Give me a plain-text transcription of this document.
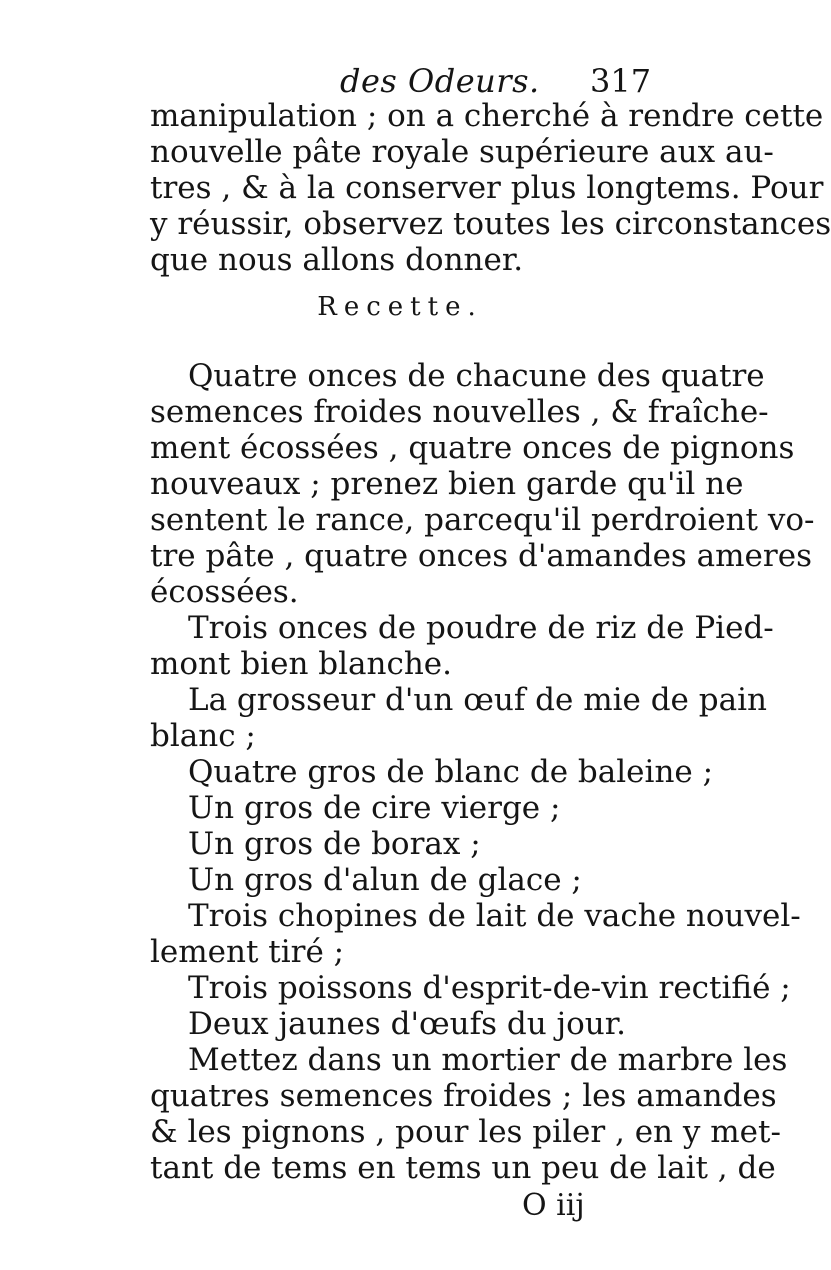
des Odeurs. 317
manipulation ; on a cherché à rendre cette
nouvelle pâte royale supérieure aux au-
tres , & à la conserver plus longtems. Pour
y réussir, observez toutes les circonstances
que nous allons donner.
Recette.
Quatre onces de chacune des quatre
semences froides nouvelles , & fraîche-
ment écossées , quatre onces de pignons
nouveaux ; prenez bien garde qu'il ne
sentent le rance, parcequ'il perdroient vo-
tre pâte , quatre onces d'amandes ameres
écossées.
Trois onces de poudre de riz de Pied-
mont bien blanche.
La grosseur d'un œuf de mie de pain
blanc ;
Quatre gros de blanc de baleine ;
Un gros de cire vierge ;
Un gros de borax ;
Un gros d'alun de glace ;
Trois chopines de lait de vache nouvel-
lement tiré ;
Trois poissons d'esprit-de-vin rectifié ;
Deux jaunes d'œufs du jour.
Mettez dans un mortier de marbre les
quatres semences froides ; les amandes
& les pignons , pour les piler , en y met-
tant de tems en tems un peu de lait , de
O iij
